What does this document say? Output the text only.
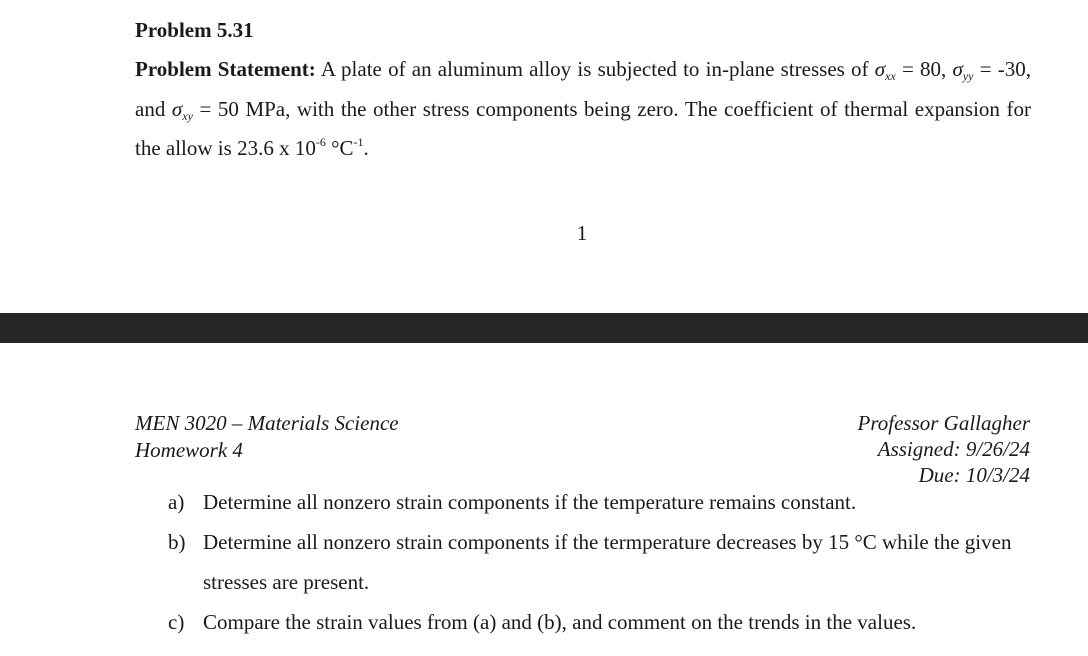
Problem 5.31
Problem Statement: A plate of an aluminum alloy is subjected to in-plane stresses of $\sigma_{xx} = 80$, $\sigma_{yy} = -30$, and $\sigma_{xy} = 50$ MPa, with the other stress components being zero. The coefficient of thermal expansion for the allow is 23.6 x $10^{-6}$ $^\circ C^{-1}$.
1
MEN 3020 – Materials Science
Homework 4
Professor Gallagher
Assigned: 9/26/24
Due: 10/3/24
a) Determine all nonzero strain components if the temperature remains constant.
b) Determine all nonzero strain components if the termperature decreases by 15 °C while the given stresses are present.
c) Compare the strain values from (a) and (b), and comment on the trends in the values.
